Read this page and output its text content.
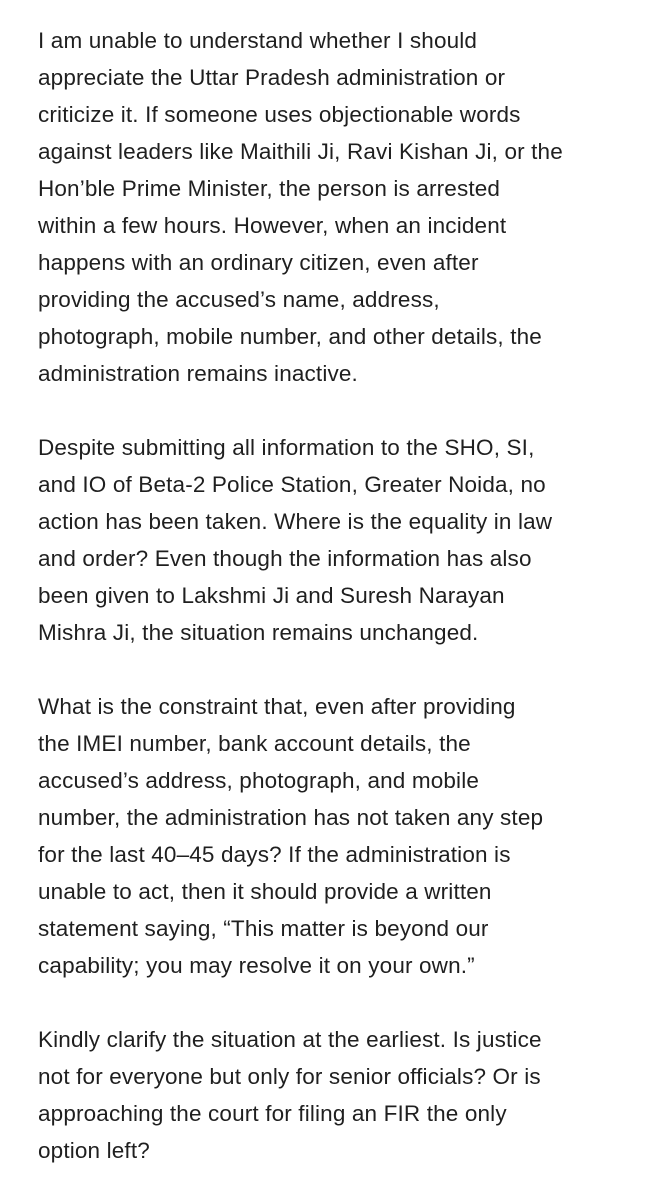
I am unable to understand whether I should
appreciate the Uttar Pradesh administration or
criticize it. If someone uses objectionable words
against leaders like Maithili Ji, Ravi Kishan Ji, or the
Hon’ble Prime Minister, the person is arrested
within a few hours. However, when an incident
happens with an ordinary citizen, even after
providing the accused’s name, address,
photograph, mobile number, and other details, the
administration remains inactive.

Despite submitting all information to the SHO, SI,
and IO of Beta-2 Police Station, Greater Noida, no
action has been taken. Where is the equality in law
and order? Even though the information has also
been given to Lakshmi Ji and Suresh Narayan
Mishra Ji, the situation remains unchanged.

What is the constraint that, even after providing
the IMEI number, bank account details, the
accused’s address, photograph, and mobile
number, the administration has not taken any step
for the last 40–45 days? If the administration is
unable to act, then it should provide a written
statement saying, “This matter is beyond our
capability; you may resolve it on your own.”

Kindly clarify the situation at the earliest. Is justice
not for everyone but only for senior officials? Or is
approaching the court for filing an FIR the only
option left?
